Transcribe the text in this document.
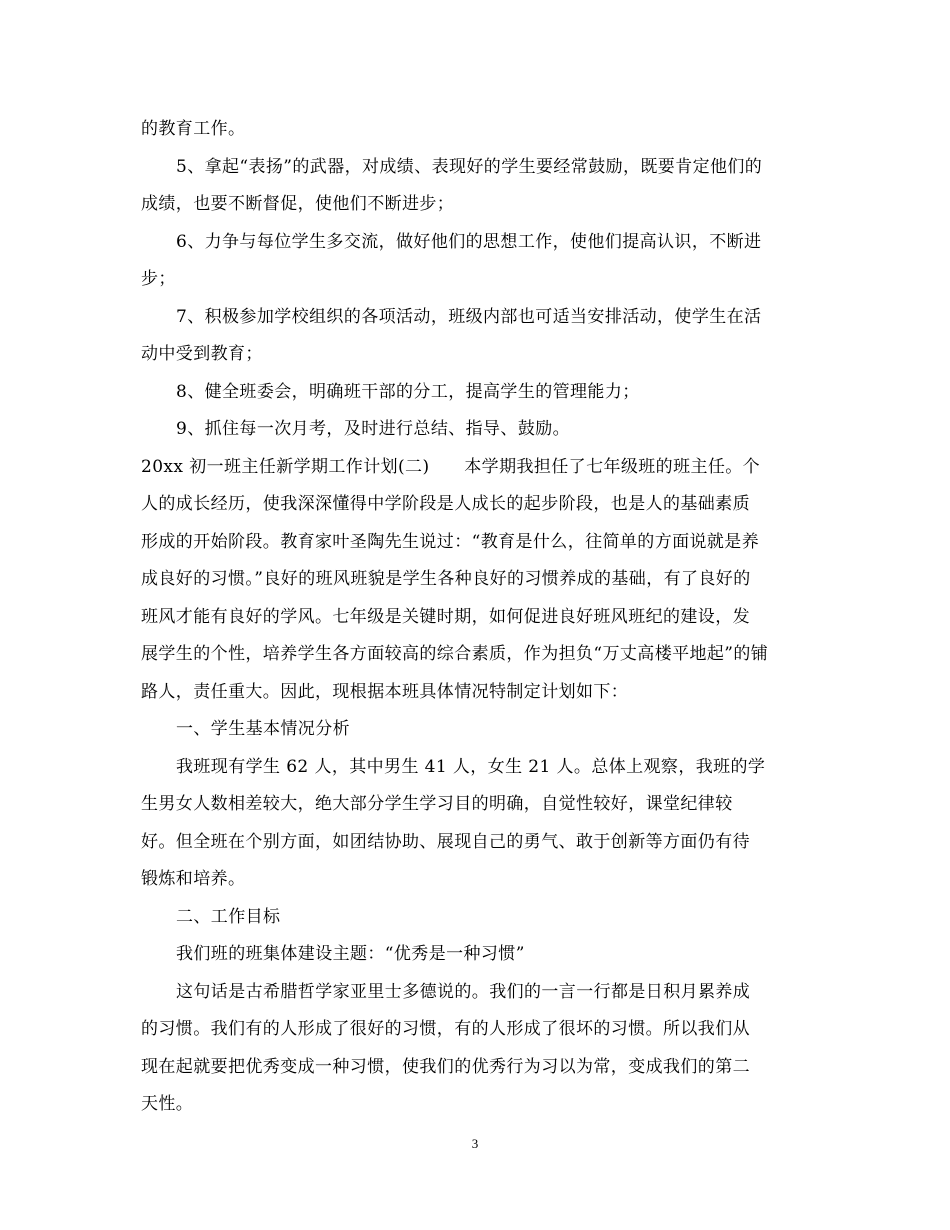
的教育工作。
5、拿起“表扬”的武器，对成绩、表现好的学生要经常鼓励，既要肯定他们的
成绩，也要不断督促，使他们不断进步；
6、力争与每位学生多交流，做好他们的思想工作，使他们提高认识，不断进
步；
7、积极参加学校组织的各项活动，班级内部也可适当安排活动，使学生在活
动中受到教育；
8、健全班委会，明确班干部的分工，提高学生的管理能力；
9、抓住每一次月考，及时进行总结、指导、鼓励。
20xx 初一班主任新学期工作计划(二)　　本学期我担任了七年级班的班主任。个
人的成长经历，使我深深懂得中学阶段是人成长的起步阶段，也是人的基础素质
形成的开始阶段。教育家叶圣陶先生说过：“教育是什么，往简单的方面说就是养
成良好的习惯。”良好的班风班貌是学生各种良好的习惯养成的基础，有了良好的
班风才能有良好的学风。七年级是关键时期，如何促进良好班风班纪的建设，发
展学生的个性，培养学生各方面较高的综合素质，作为担负“万丈高楼平地起”的铺
路人，责任重大。因此，现根据本班具体情况特制定计划如下：
一、学生基本情况分析
我班现有学生 62 人，其中男生 41 人，女生 21 人。总体上观察，我班的学
生男女人数相差较大，绝大部分学生学习目的明确，自觉性较好，课堂纪律较
好。但全班在个别方面，如团结协助、展现自己的勇气、敢于创新等方面仍有待
锻炼和培养。
二、工作目标
我们班的班集体建设主题：“优秀是一种习惯”
这句话是古希腊哲学家亚里士多德说的。我们的一言一行都是日积月累养成
的习惯。我们有的人形成了很好的习惯，有的人形成了很坏的习惯。所以我们从
现在起就要把优秀变成一种习惯，使我们的优秀行为习以为常，变成我们的第二
天性。
3
